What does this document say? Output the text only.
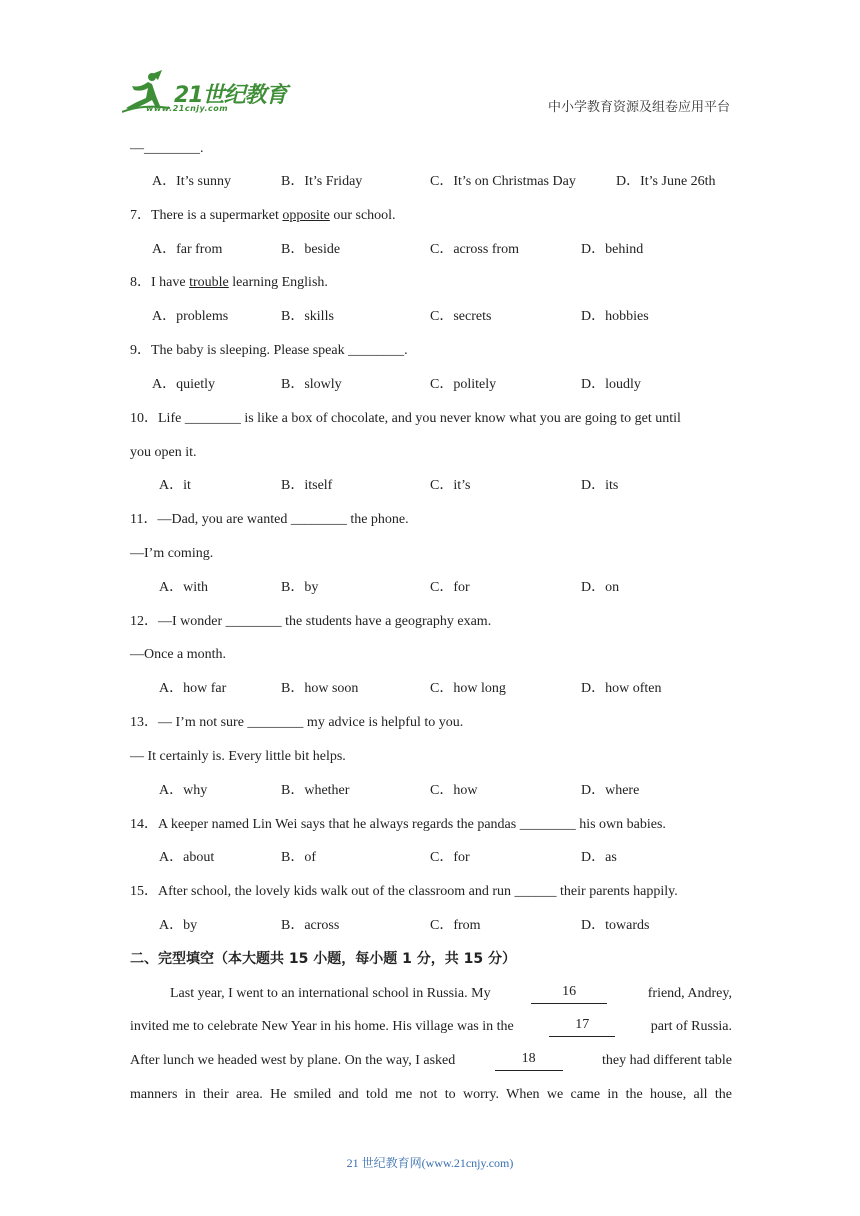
21世纪教育
www.21cnjy.com	中小学教育资源及组卷应用平台
—________.
A．It’s sunny	B．It’s Friday	C．It’s on Christmas Day	D．It’s June 26th
7．There is a supermarket opposite our school.
A．far from	B．beside	C．across from	D．behind
8．I have trouble learning English.
A．problems	B．skills	C．secrets	D．hobbies
9．The baby is sleeping. Please speak ________.
A．quietly	B．slowly	C．politely	D．loudly
10．Life ________ is like a box of chocolate, and you never know what you are going to get until
you open it.
A．it	B．itself	C．it’s	D．its
11．—Dad, you are wanted ________ the phone.
—I’m coming.
A．with	B．by	C．for	D．on
12．—I wonder ________ the students have a geography exam.
—Once a month.
A．how far	B．how soon	C．how long	D．how often
13．— I’m not sure ________ my advice is helpful to you.
— It certainly is. Every little bit helps.
A．why	B．whether	C．how	D．where
14．A keeper named Lin Wei says that he always regards the pandas ________ his own babies.
A．about	B．of	C．for	D．as
15．After school, the lovely kids walk out of the classroom and run ______ their parents happily.
A．by	B．across	C．from	D．towards
二、完型填空（本大题共 15 小题，每小题 1 分，共 15 分）
Last year, I went to an international school in Russia. My	16	friend, Andrey,
invited me to celebrate New Year in his home. His village was in the	17	part of Russia.
After lunch we headed west by plane. On the way, I asked	18	they had different table
manners in their area. He smiled and told me not to worry. When we came in the house, all the
21 世纪教育网(www.21cnjy.com)
